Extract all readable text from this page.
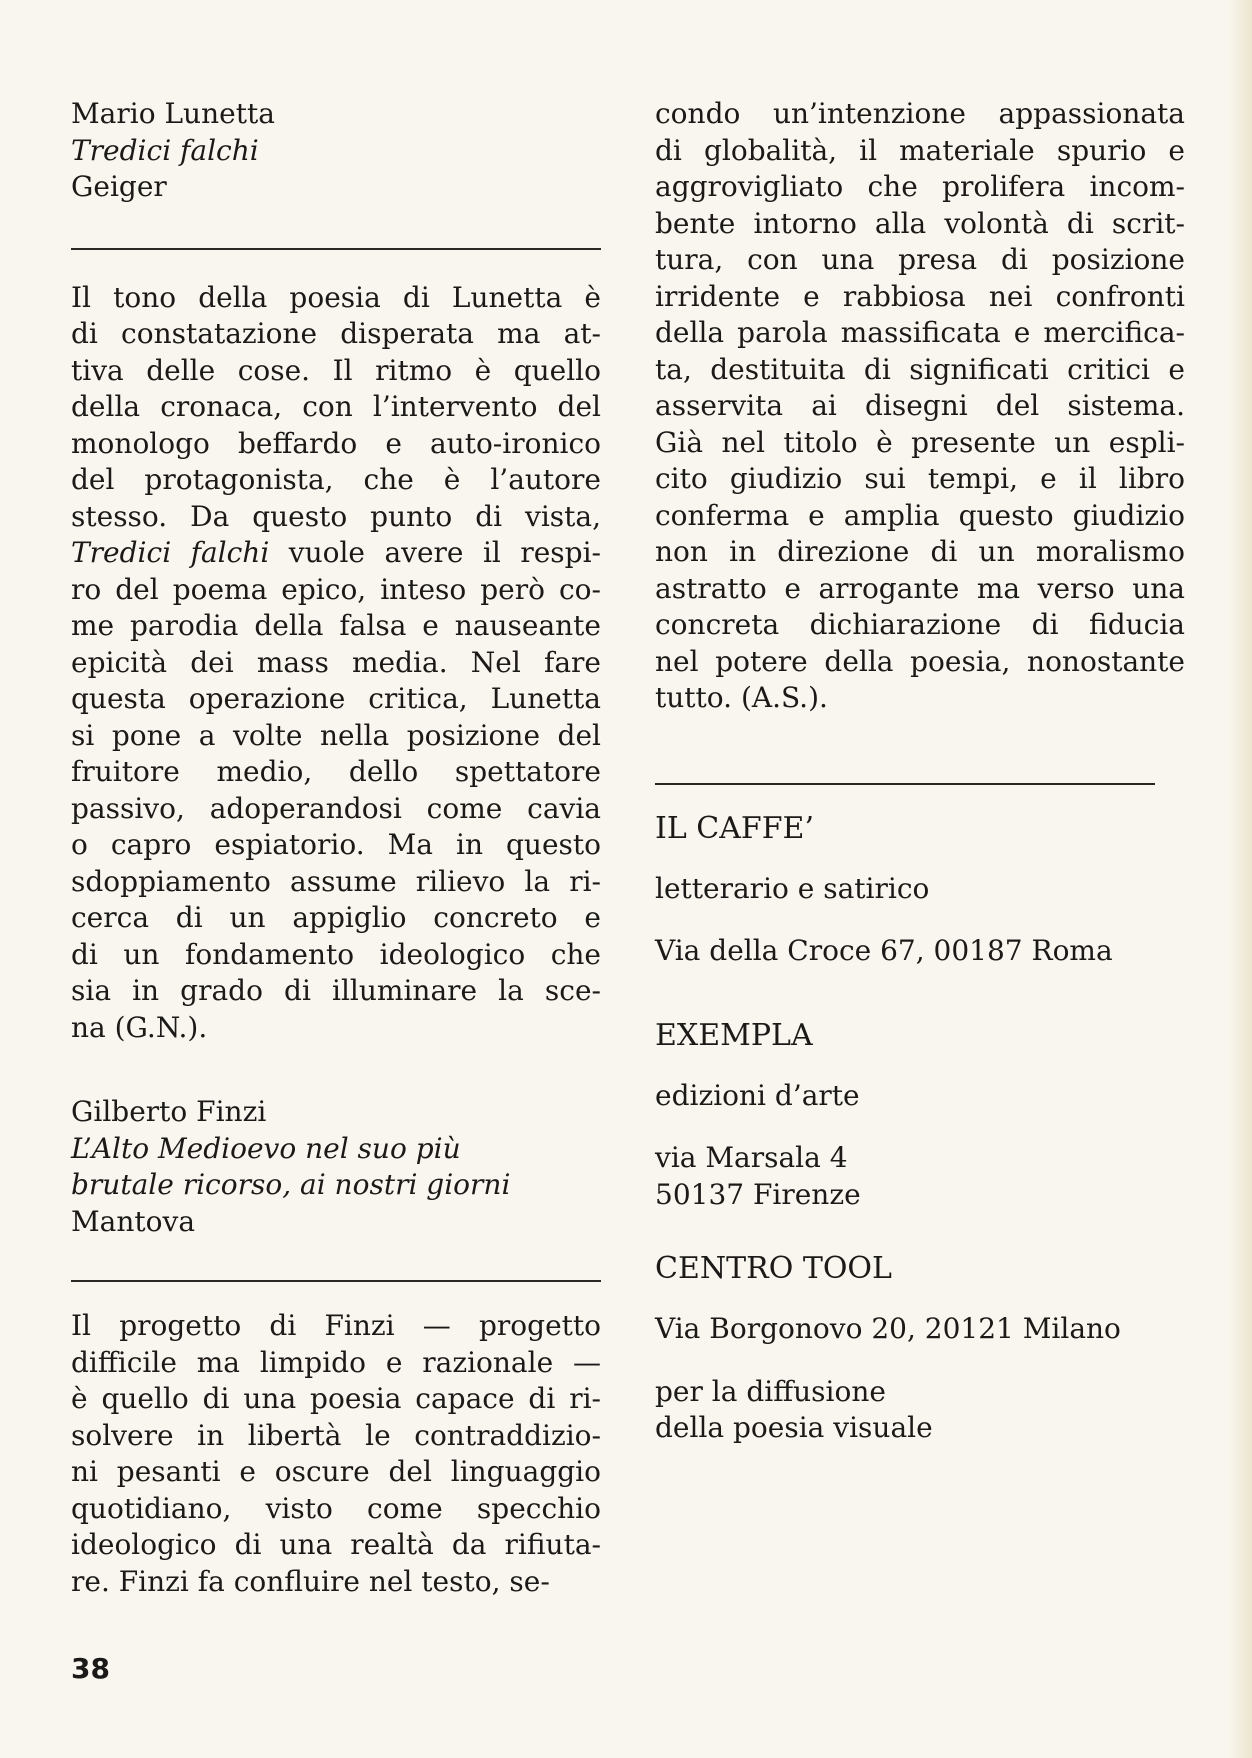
Mario Lunetta
Tredici falchi
Geiger
Il tono della poesia di Lunetta è
di constatazione disperata ma at-
tiva delle cose. Il ritmo è quello
della cronaca, con l’intervento del
monologo beffardo e auto-ironico
del protagonista, che è l’autore
stesso. Da questo punto di vista,
Tredici falchi vuole avere il respi-
ro del poema epico, inteso però co-
me parodia della falsa e nauseante
epicità dei mass media. Nel fare
questa operazione critica, Lunetta
si pone a volte nella posizione del
fruitore medio, dello spettatore
passivo, adoperandosi come cavia
o capro espiatorio. Ma in questo
sdoppiamento assume rilievo la ri-
cerca di un appiglio concreto e
di un fondamento ideologico che
sia in grado di illuminare la sce-
na (G.N.).
Gilberto Finzi
L’Alto Medioevo nel suo più
brutale ricorso, ai nostri giorni
Mantova
Il progetto di Finzi — progetto
difficile ma limpido e razionale —
è quello di una poesia capace di ri-
solvere in libertà le contraddizio-
ni pesanti e oscure del linguaggio
quotidiano, visto come specchio
ideologico di una realtà da rifiuta-
re. Finzi fa confluire nel testo, se-
condo un’intenzione appassionata
di globalità, il materiale spurio e
aggrovigliato che prolifera incom-
bente intorno alla volontà di scrit-
tura, con una presa di posizione
irridente e rabbiosa nei confronti
della parola massificata e mercifica-
ta, destituita di significati critici e
asservita ai disegni del sistema.
Già nel titolo è presente un espli-
cito giudizio sui tempi, e il libro
conferma e amplia questo giudizio
non in direzione di un moralismo
astratto e arrogante ma verso una
concreta dichiarazione di fiducia
nel potere della poesia, nonostante
tutto. (A.S.).

IL CAFFE’

letterario e satirico

Via della Croce 67, 00187 Roma

EXEMPLA

edizioni d’arte

via Marsala 4

50137 Firenze

CENTRO TOOL

Via Borgonovo 20, 20121 Milano

per la diffusione

della poesia visuale

38
